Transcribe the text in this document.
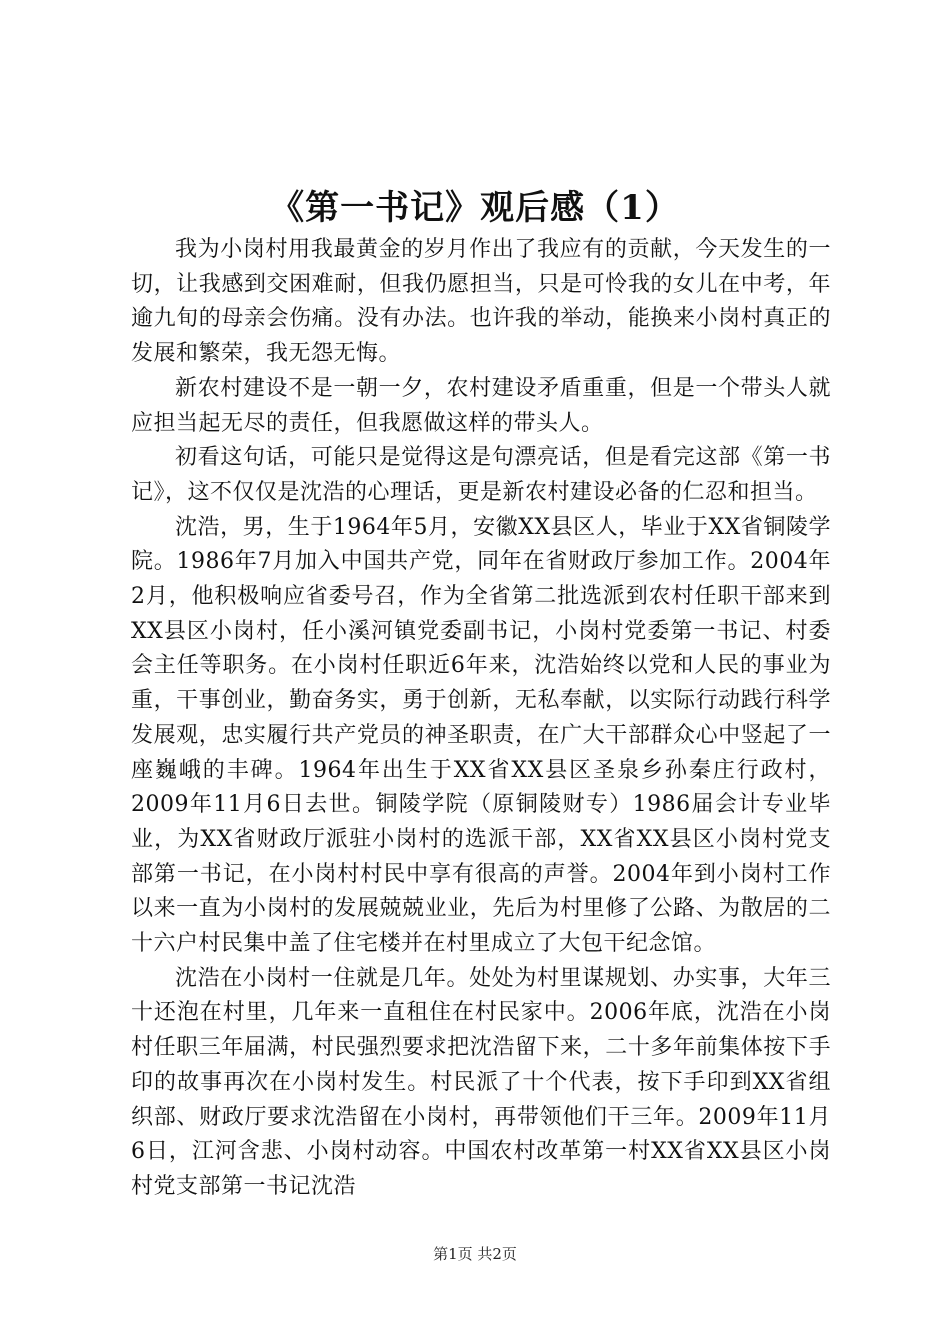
《第一书记》观后感（1）

我为小岗村用我最黄金的岁月作出了我应有的贡献，今天发生的一切，让我感到交困难耐，但我仍愿担当，只是可怜我的女儿在中考，年逾九旬的母亲会伤痛。没有办法。也许我的举动，能换来小岗村真正的发展和繁荣，我无怨无悔。

新农村建设不是一朝一夕，农村建设矛盾重重，但是一个带头人就应担当起无尽的责任，但我愿做这样的带头人。

初看这句话，可能只是觉得这是句漂亮话，但是看完这部《第一书记》，这不仅仅是沈浩的心理话，更是新农村建设必备的仁忍和担当。

沈浩，男，生于1964年5月，安徽XX县区人，毕业于XX省铜陵学院。1986年7月加入中国共产党，同年在省财政厅参加工作。2004年2月，他积极响应省委号召，作为全省第二批选派到农村任职干部来到XX县区小岗村，任小溪河镇党委副书记，小岗村党委第一书记、村委会主任等职务。在小岗村任职近6年来，沈浩始终以党和人民的事业为重，干事创业，勤奋务实，勇于创新，无私奉献，以实际行动践行科学发展观，忠实履行共产党员的神圣职责，在广大干部群众心中竖起了一座巍峨的丰碑。1964年出生于XX省XX县区圣泉乡孙秦庄行政村，2009年11月6日去世。铜陵学院（原铜陵财专）1986届会计专业毕业，为XX省财政厅派驻小岗村的选派干部，XX省XX县区小岗村党支部第一书记，在小岗村村民中享有很高的声誉。2004年到小岗村工作以来一直为小岗村的发展兢兢业业，先后为村里修了公路、为散居的二十六户村民集中盖了住宅楼并在村里成立了大包干纪念馆。

沈浩在小岗村一住就是几年。处处为村里谋规划、办实事，大年三十还泡在村里，几年来一直租住在村民家中。2006年底，沈浩在小岗村任职三年届满，村民强烈要求把沈浩留下来，二十多年前集体按下手印的故事再次在小岗村发生。村民派了十个代表，按下手印到XX省组织部、财政厅要求沈浩留在小岗村，再带领他们干三年。2009年11月6日，江河含悲、小岗村动容。中国农村改革第一村XX省XX县区小岗村党支部第一书记沈浩

第1页 共2页
